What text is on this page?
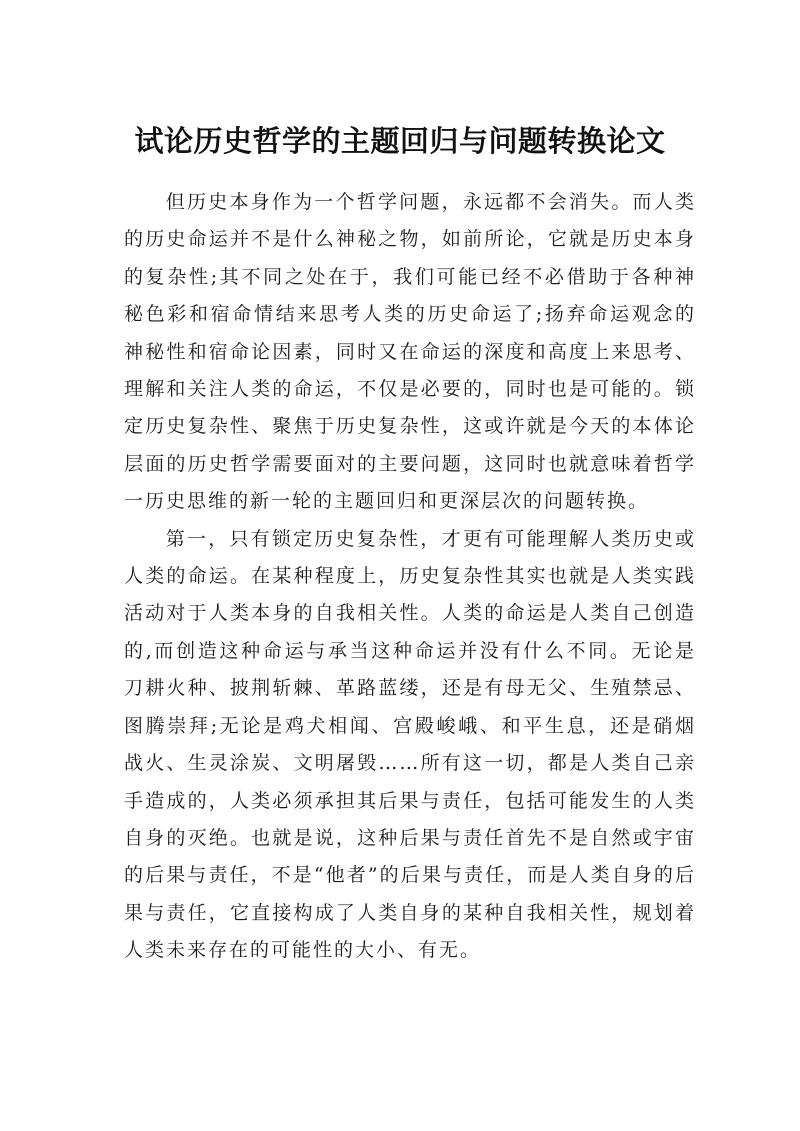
试论历史哲学的主题回归与问题转换论文

但历史本身作为一个哲学问题，永远都不会消失。而人类的历史命运并不是什么神秘之物，如前所论，它就是历史本身的复杂性;其不同之处在于，我们可能已经不必借助于各种神秘色彩和宿命情结来思考人类的历史命运了;扬弃命运观念的神秘性和宿命论因素，同时又在命运的深度和高度上来思考、理解和关注人类的命运，不仅是必要的，同时也是可能的。锁定历史复杂性、聚焦于历史复杂性，这或许就是今天的本体论层面的历史哲学需要面对的主要问题，这同时也就意味着哲学一历史思维的新一轮的主题回归和更深层次的问题转换。

第一，只有锁定历史复杂性，才更有可能理解人类历史或人类的命运。在某种程度上，历史复杂性其实也就是人类实践活动对于人类本身的自我相关性。人类的命运是人类自己创造的,而创造这种命运与承当这种命运并没有什么不同。无论是刀耕火种、披荆斩棘、革路蓝缕，还是有母无父、生殖禁忌、图腾崇拜;无论是鸡犬相闻、宫殿峻峨、和平生息，还是硝烟战火、生灵涂炭、文明屠毁……所有这一切，都是人类自己亲手造成的，人类必须承担其后果与责任，包括可能发生的人类自身的灭绝。也就是说，这种后果与责任首先不是自然或宇宙的后果与责任，不是“他者”的后果与责任，而是人类自身的后果与责任，它直接构成了人类自身的某种自我相关性，规划着人类未来存在的可能性的大小、有无。
